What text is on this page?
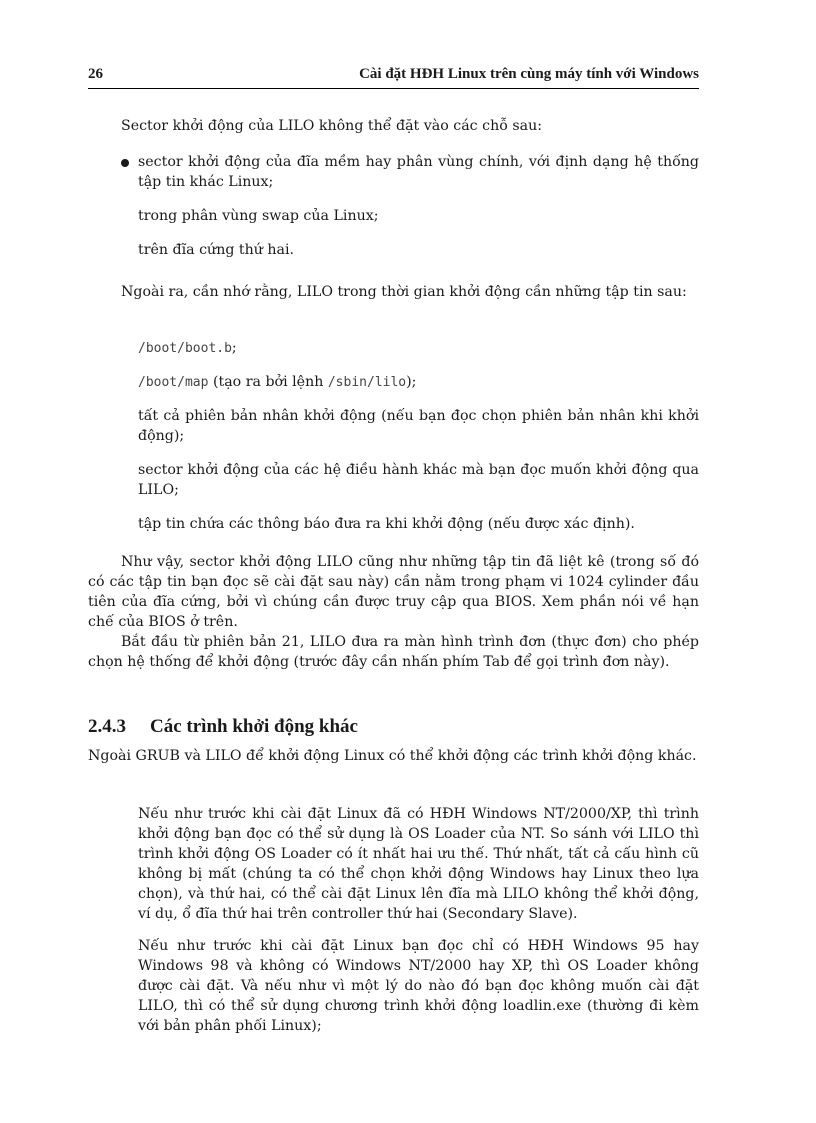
26	Cài đặt HĐH Linux trên cùng máy tính với Windows

Sector khởi động của LILO không thể đặt vào các chỗ sau:

sector khởi động của đĩa mềm hay phân vùng chính, với định dạng hệ thống tập tin khác Linux;

trong phân vùng swap của Linux;

trên đĩa cứng thứ hai.

Ngoài ra, cần nhớ rằng, LILO trong thời gian khởi động cần những tập tin sau:

/boot/boot.b;

/boot/map (tạo ra bởi lệnh /sbin/lilo);

tất cả phiên bản nhân khởi động (nếu bạn đọc chọn phiên bản nhân khi khởi động);

sector khởi động của các hệ điều hành khác mà bạn đọc muốn khởi động qua LILO;

tập tin chứa các thông báo đưa ra khi khởi động (nếu được xác định).

Như vậy, sector khởi động LILO cũng như những tập tin đã liệt kê (trong số đó có các tập tin bạn đọc sẽ cài đặt sau này) cần nằm trong phạm vi 1024 cylinder đầu tiên của đĩa cứng, bởi vì chúng cần được truy cập qua BIOS. Xem phần nói về hạn chế của BIOS ở trên.

Bắt đầu từ phiên bản 21, LILO đưa ra màn hình trình đơn (thực đơn) cho phép chọn hệ thống để khởi động (trước đây cần nhấn phím Tab để gọi trình đơn này).

2.4.3 Các trình khởi động khác

Ngoài GRUB và LILO để khởi động Linux có thể khởi động các trình khởi động khác.

Nếu như trước khi cài đặt Linux đã có HĐH Windows NT/2000/XP, thì trình khởi động bạn đọc có thể sử dụng là OS Loader của NT. So sánh với LILO thì trình khởi động OS Loader có ít nhất hai ưu thế. Thứ nhất, tất cả cấu hình cũ không bị mất (chúng ta có thể chọn khởi động Windows hay Linux theo lựa chọn), và thứ hai, có thể cài đặt Linux lên đĩa mà LILO không thể khởi động, ví dụ, ổ đĩa thứ hai trên controller thứ hai (Secondary Slave).

Nếu như trước khi cài đặt Linux bạn đọc chỉ có HĐH Windows 95 hay Windows 98 và không có Windows NT/2000 hay XP, thì OS Loader không được cài đặt. Và nếu như vì một lý do nào đó bạn đọc không muốn cài đặt LILO, thì có thể sử dụng chương trình khởi động loadlin.exe (thường đi kèm với bản phân phối Linux);
